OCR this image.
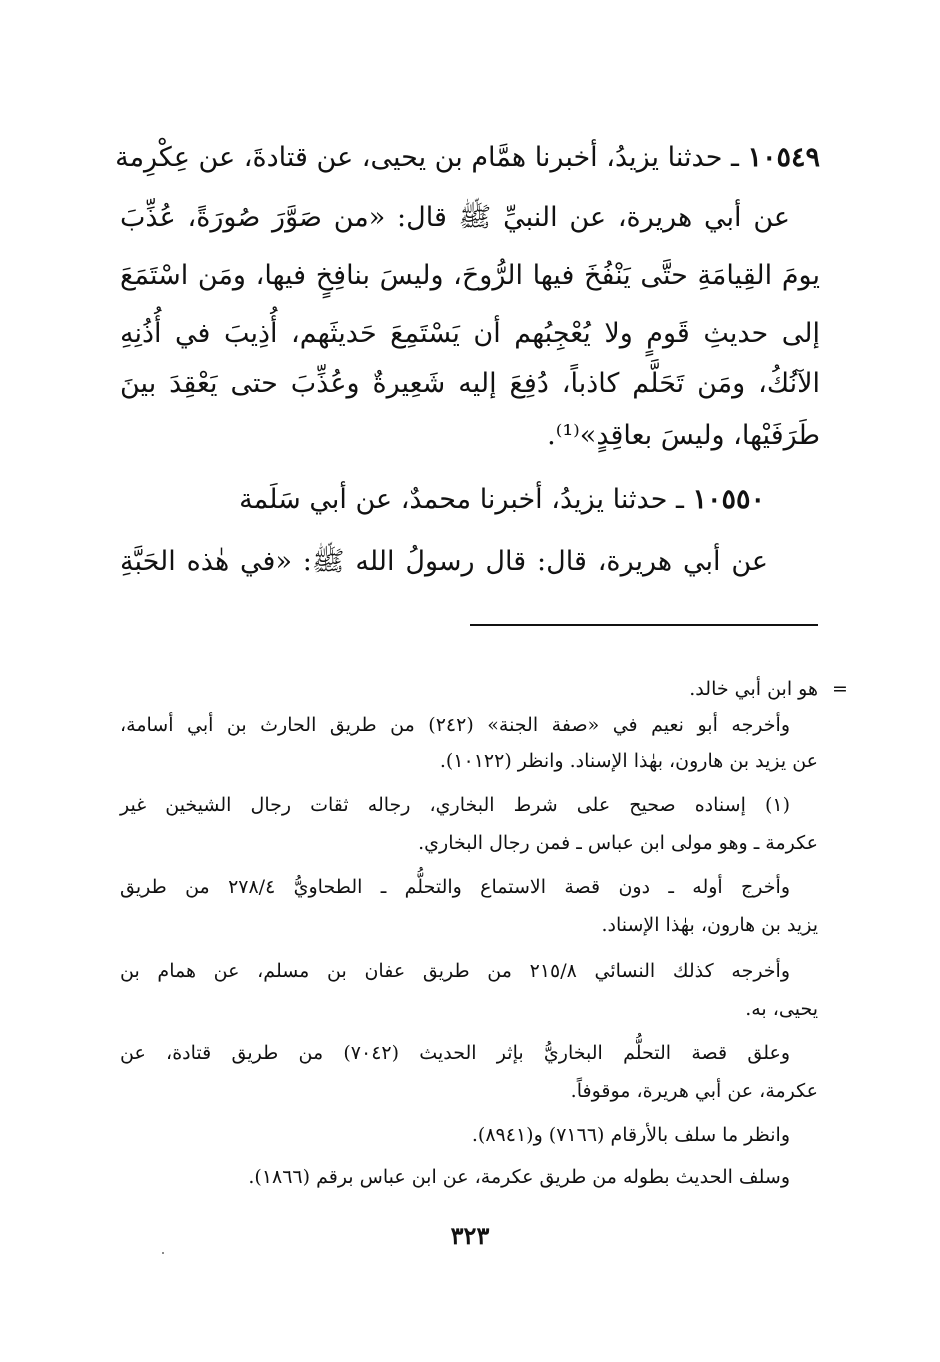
١٠٥٤٩ ـ حدثنا يزيدُ، أخبرنا همَّام بن يحيى، عن قتادةَ، عن عِكْرِمة

عن أبي هريرة، عن النبيِّ ﷺ قال: «من صَوَّرَ صُورَةً، عُذِّبَ

يومَ القِيامَةِ حتَّى يَنْفُخَ فيها الرُّوحَ، وليسَ بنافِخٍ فيها، ومَن اسْتَمَعَ

إلى حديثِ قَومٍ ولا يُعْجِبُهم أن يَسْتَمِعَ حَديثَهم، أُذِيبَ في أُذُنِهِ

الآنُكُ، ومَن تَحَلَّم كاذباً، دُفِعَ إليه شَعِيرةٌ وعُذِّبَ حتى يَعْقِدَ بينَ

طَرَفَيْها، وليسَ بعاقِدٍ»⁽¹⁾.

١٠٥٥٠ ـ حدثنا يزيدُ، أخبرنا محمدٌ، عن أبي سَلَمة

عن أبي هريرة، قال: قال رسولُ الله ﷺ: «في هٰذه الحَبَّةِ

=

هو ابن أبي خالد.

وأخرجه أبو نعيم في «صفة الجنة» (٢٤٢) من طريق الحارث بن أبي أسامة،

عن يزيد بن هارون، بهٰذا الإسناد. وانظر (١٠١٢٢).

(١) إسناده صحيح على شرط البخاري، رجاله ثقات رجال الشيخين غير

عكرمة ـ وهو مولى ابن عباس ـ فمن رجال البخاري.

وأخرج أوله ـ دون قصة الاستماع والتحلُّم ـ الطحاويُّ ٢٧٨/٤ من طريق

يزيد بن هارون، بهٰذا الإسناد.

وأخرجه كذلك النسائي ٢١٥/٨ من طريق عفان بن مسلم، عن همام بن

يحيى، به.

وعلق قصة التحلُّم البخاريُّ بإثر الحديث (٧٠٤٢) من طريق قتادة، عن

عكرمة، عن أبي هريرة، موقوفاً.

وانظر ما سلف بالأرقام (٧١٦٦) و(٨٩٤١).

وسلف الحديث بطوله من طريق عكرمة، عن ابن عباس برقم (١٨٦٦).

٣٢٣
